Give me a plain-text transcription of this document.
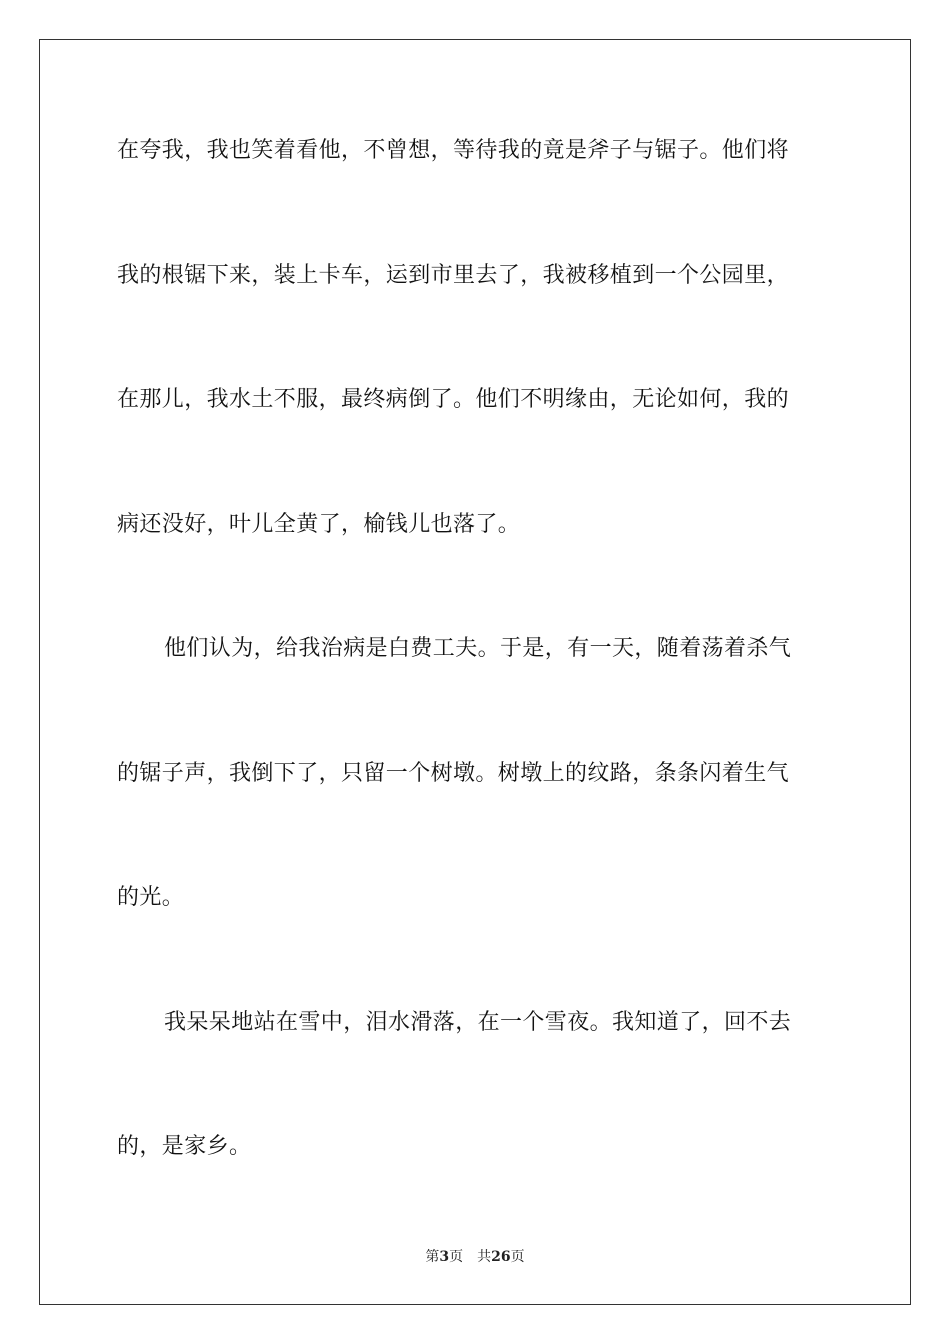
在夸我，我也笑着看他，不曾想，等待我的竟是斧子与锯子。他们将
我的根锯下来，装上卡车，运到市里去了，我被移植到一个公园里，
在那儿，我水土不服，最终病倒了。他们不明缘由，无论如何，我的
病还没好，叶儿全黄了，榆钱儿也落了。
他们认为，给我治病是白费工夫。于是，有一天，随着荡着杀气
的锯子声，我倒下了，只留一个树墩。树墩上的纹路，条条闪着生气
的光。
我呆呆地站在雪中，泪水滑落，在一个雪夜。我知道了，回不去
的，是家乡。
第3页 共26页
